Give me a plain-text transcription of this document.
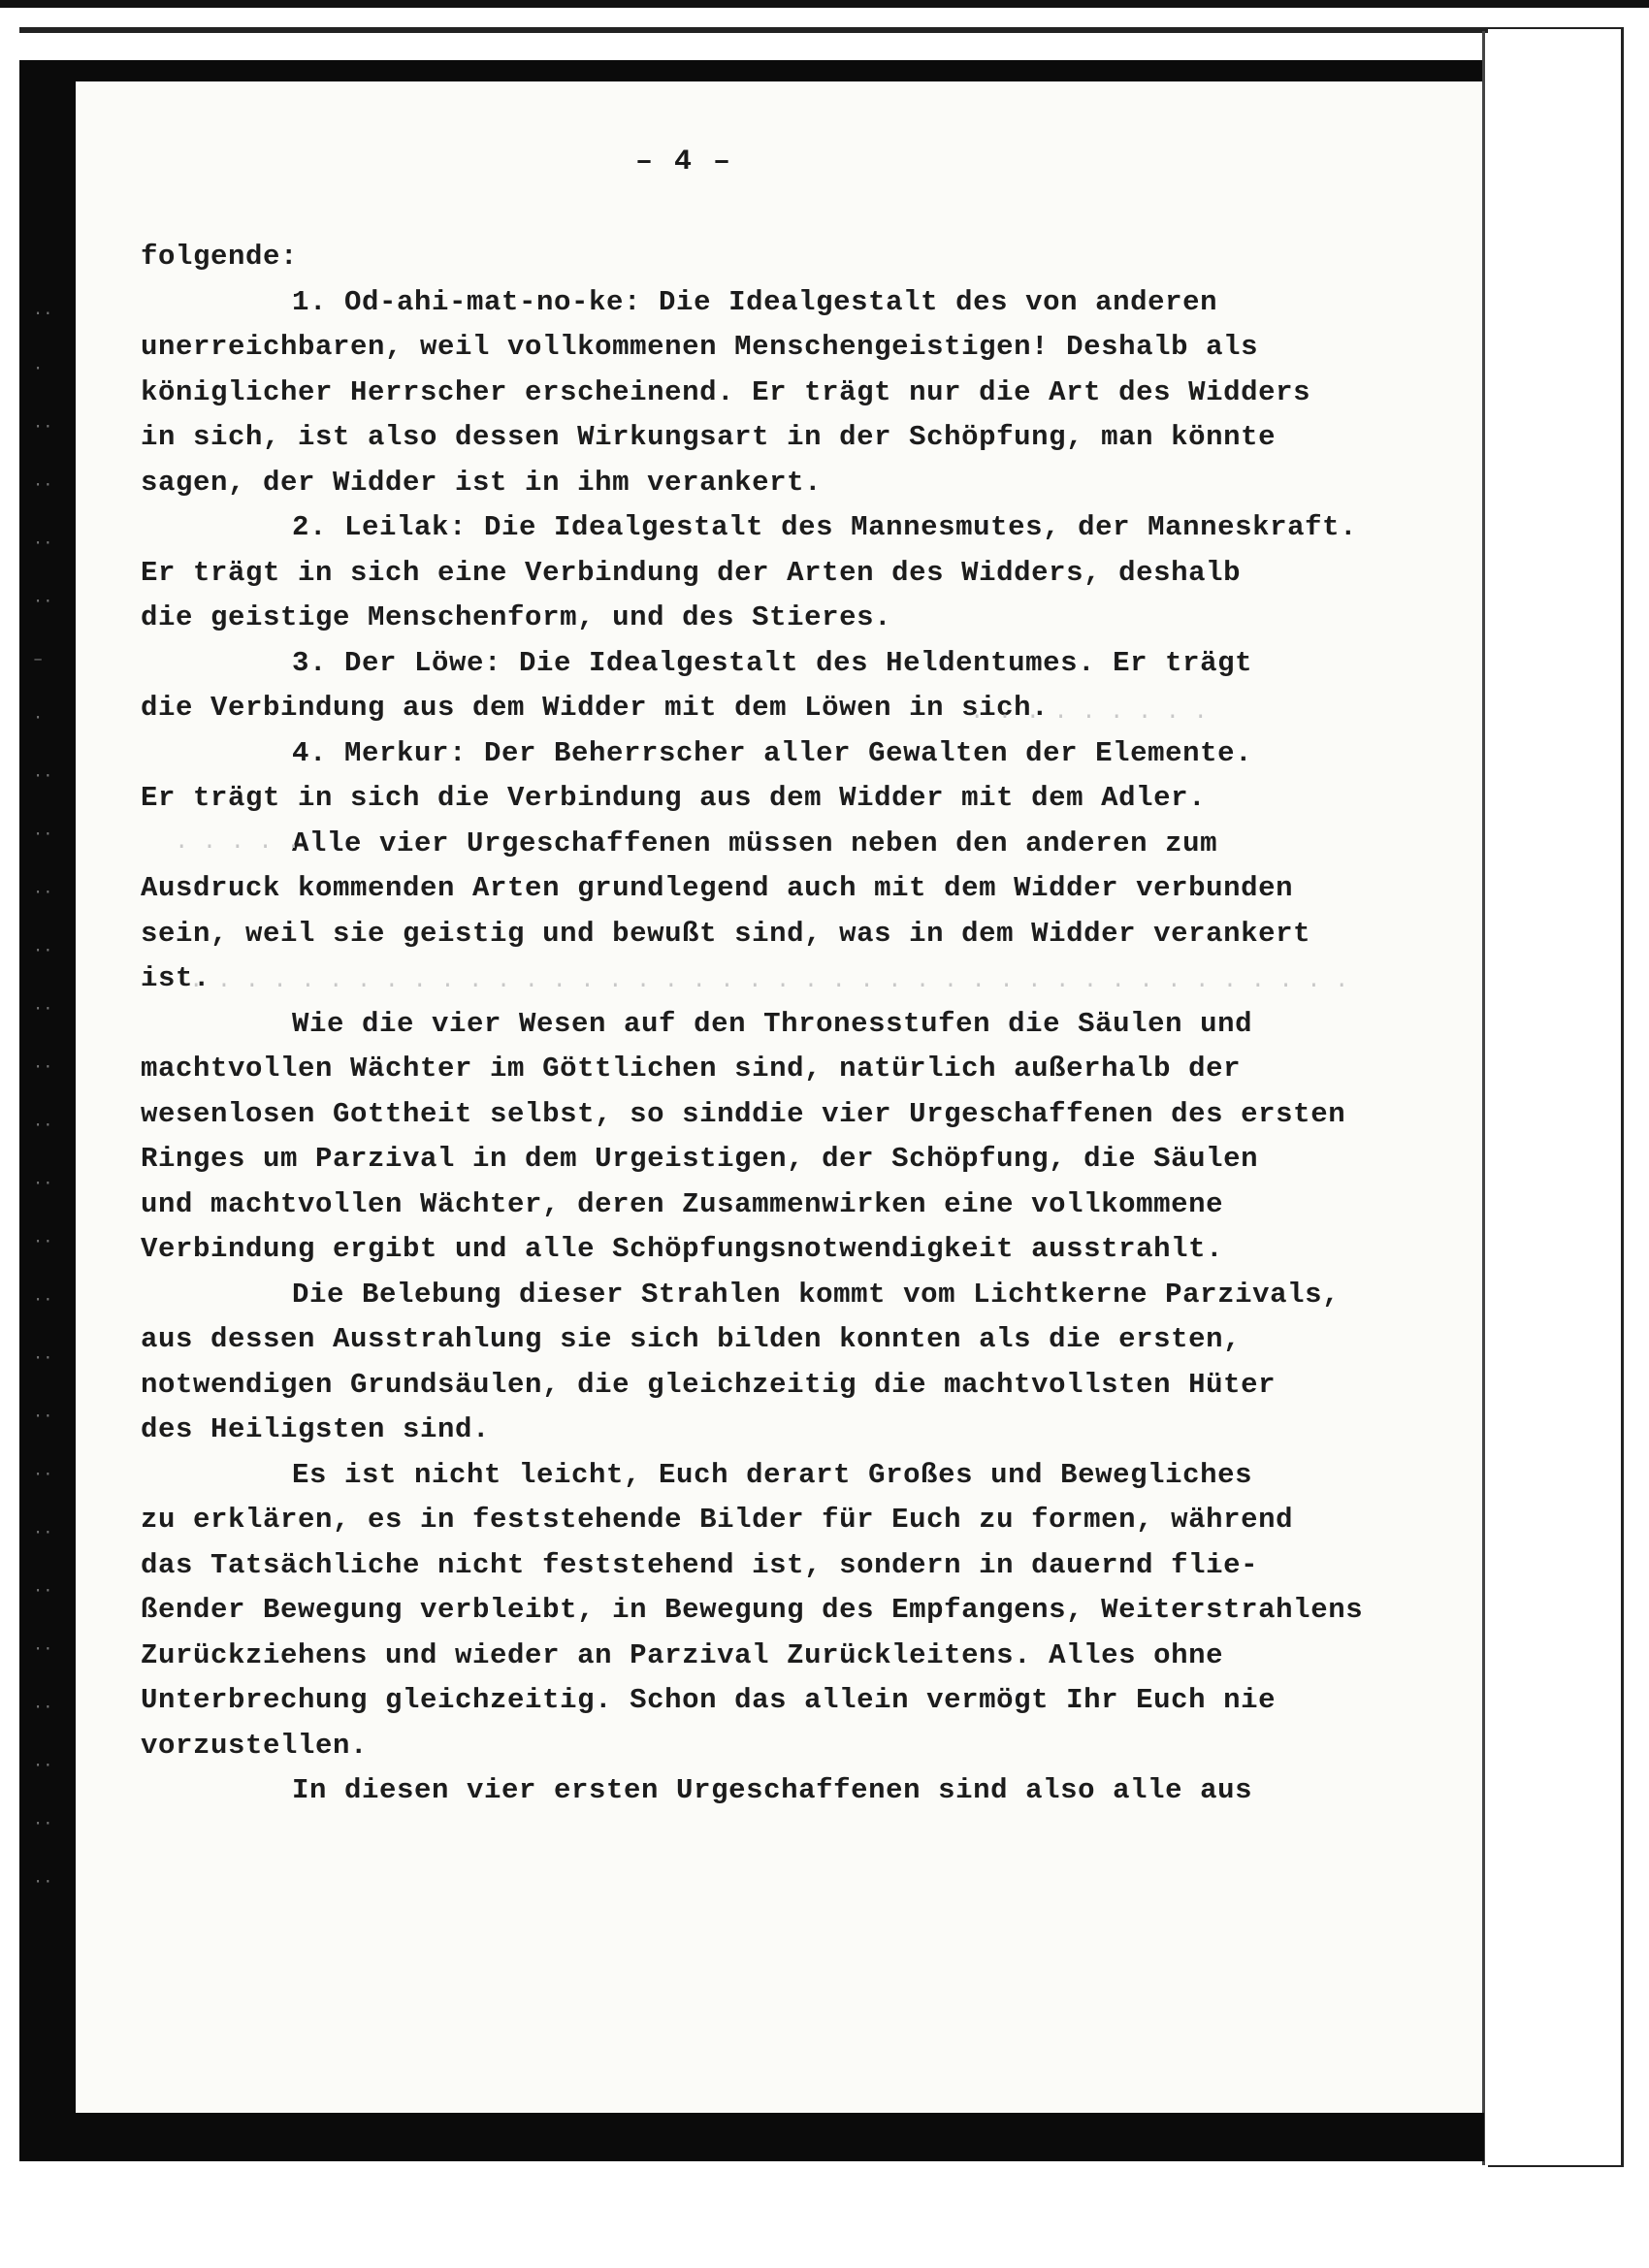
..
·
··
··
··
··
–
·
··
··
··
··
··
··
··
··
··
··
··
··
··
··
··
··
··
··
··
··
– 4 –
folgende:
1. Od-ahi-mat-no-ke: Die Idealgestalt des von anderen
unerreichbaren, weil vollkommenen Menschengeistigen! Deshalb als
königlicher Herrscher erscheinend. Er trägt nur die Art des Widders
in sich, ist also dessen Wirkungsart in der Schöpfung, man könnte
sagen, der Widder ist in ihm verankert.
2. Leilak: Die Idealgestalt des Mannesmutes, der Manneskraft.
Er trägt in sich eine Verbindung der Arten des Widders, deshalb
die geistige Menschenform, und des Stieres.
3. Der Löwe: Die Idealgestalt des Heldentumes. Er trägt
die Verbindung aus dem Widder mit dem Löwen in sich.
4. Merkur: Der Beherrscher aller Gewalten der Elemente.
Er trägt in sich die Verbindung aus dem Widder mit dem Adler.
Alle vier Urgeschaffenen müssen neben den anderen zum
Ausdruck kommenden Arten grundlegend auch mit dem Widder verbunden
sein, weil sie geistig und bewußt sind, was in dem Widder verankert
ist.
Wie die vier Wesen auf den Thronesstufen die Säulen und
machtvollen Wächter im Göttlichen sind, natürlich außerhalb der
wesenlosen Gottheit selbst, so sinddie vier Urgeschaffenen des ersten
Ringes um Parzival in dem Urgeistigen, der Schöpfung, die Säulen
und machtvollen Wächter, deren Zusammenwirken eine vollkommene
Verbindung ergibt und alle Schöpfungsnotwendigkeit ausstrahlt.
Die Belebung dieser Strahlen kommt vom Lichtkerne Parzivals,
aus dessen Ausstrahlung sie sich bilden konnten als die ersten,
notwendigen Grundsäulen, die gleichzeitig die machtvollsten Hüter
des Heiligsten sind.
Es ist nicht leicht, Euch derart Großes und Bewegliches
zu erklären, es in feststehende Bilder für Euch zu formen, während
das Tatsächliche nicht feststehend ist, sondern in dauernd flie-
ßender Bewegung verbleibt, in Bewegung des Empfangens, Weiterstrahlens
Zurückziehens und wieder an Parzival Zurückleitens. Alles ohne
Unterbrechung gleichzeitig. Schon das allein vermögt Ihr Euch nie
vorzustellen.
In diesen vier ersten Urgeschaffenen sind also alle aus
· · · · · · · · · · · · · · · · · · · · · · · · · · · · · · · · · · · · · · · · · ·
· · · · ·
· · · · · · · · ·
